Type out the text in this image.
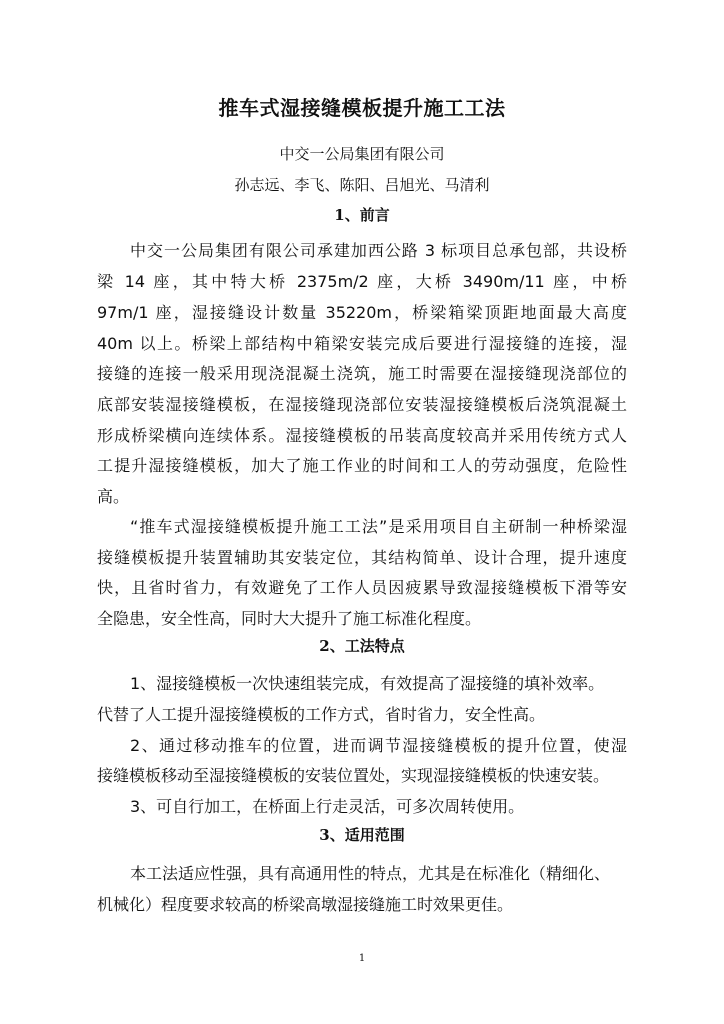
推车式湿接缝模板提升施工工法
中交一公局集团有限公司
孙志远、李飞、陈阳、吕旭光、马清利
1、前言
中交一公局集团有限公司承建加西公路 3 标项目总承包部，共设桥
梁 14 座，其中特大桥 2375m/2 座，大桥 3490m/11 座，中桥
97m/1 座，湿接缝设计数量 35220m，桥梁箱梁顶距地面最大高度
40m 以上。桥梁上部结构中箱梁安装完成后要进行湿接缝的连接，湿
接缝的连接一般采用现浇混凝土浇筑，施工时需要在湿接缝现浇部位的
底部安装湿接缝模板，在湿接缝现浇部位安装湿接缝模板后浇筑混凝土
形成桥梁横向连续体系。湿接缝模板的吊装高度较高并采用传统方式人
工提升湿接缝模板，加大了施工作业的时间和工人的劳动强度，危险性
高。
“推车式湿接缝模板提升施工工法”是采用项目自主研制一种桥梁湿
接缝模板提升装置辅助其安装定位，其结构简单、设计合理，提升速度
快，且省时省力，有效避免了工作人员因疲累导致湿接缝模板下滑等安
全隐患，安全性高，同时大大提升了施工标准化程度。
2、工法特点
1、湿接缝模板一次快速组装完成，有效提高了湿接缝的填补效率。
代替了人工提升湿接缝模板的工作方式，省时省力，安全性高。
2、通过移动推车的位置，进而调节湿接缝模板的提升位置，使湿
接缝模板移动至湿接缝模板的安装位置处，实现湿接缝模板的快速安装。
3、可自行加工，在桥面上行走灵活，可多次周转使用。
3、适用范围
本工法适应性强，具有高通用性的特点，尤其是在标准化（精细化、
机械化）程度要求较高的桥梁高墩湿接缝施工时效果更佳。
1
